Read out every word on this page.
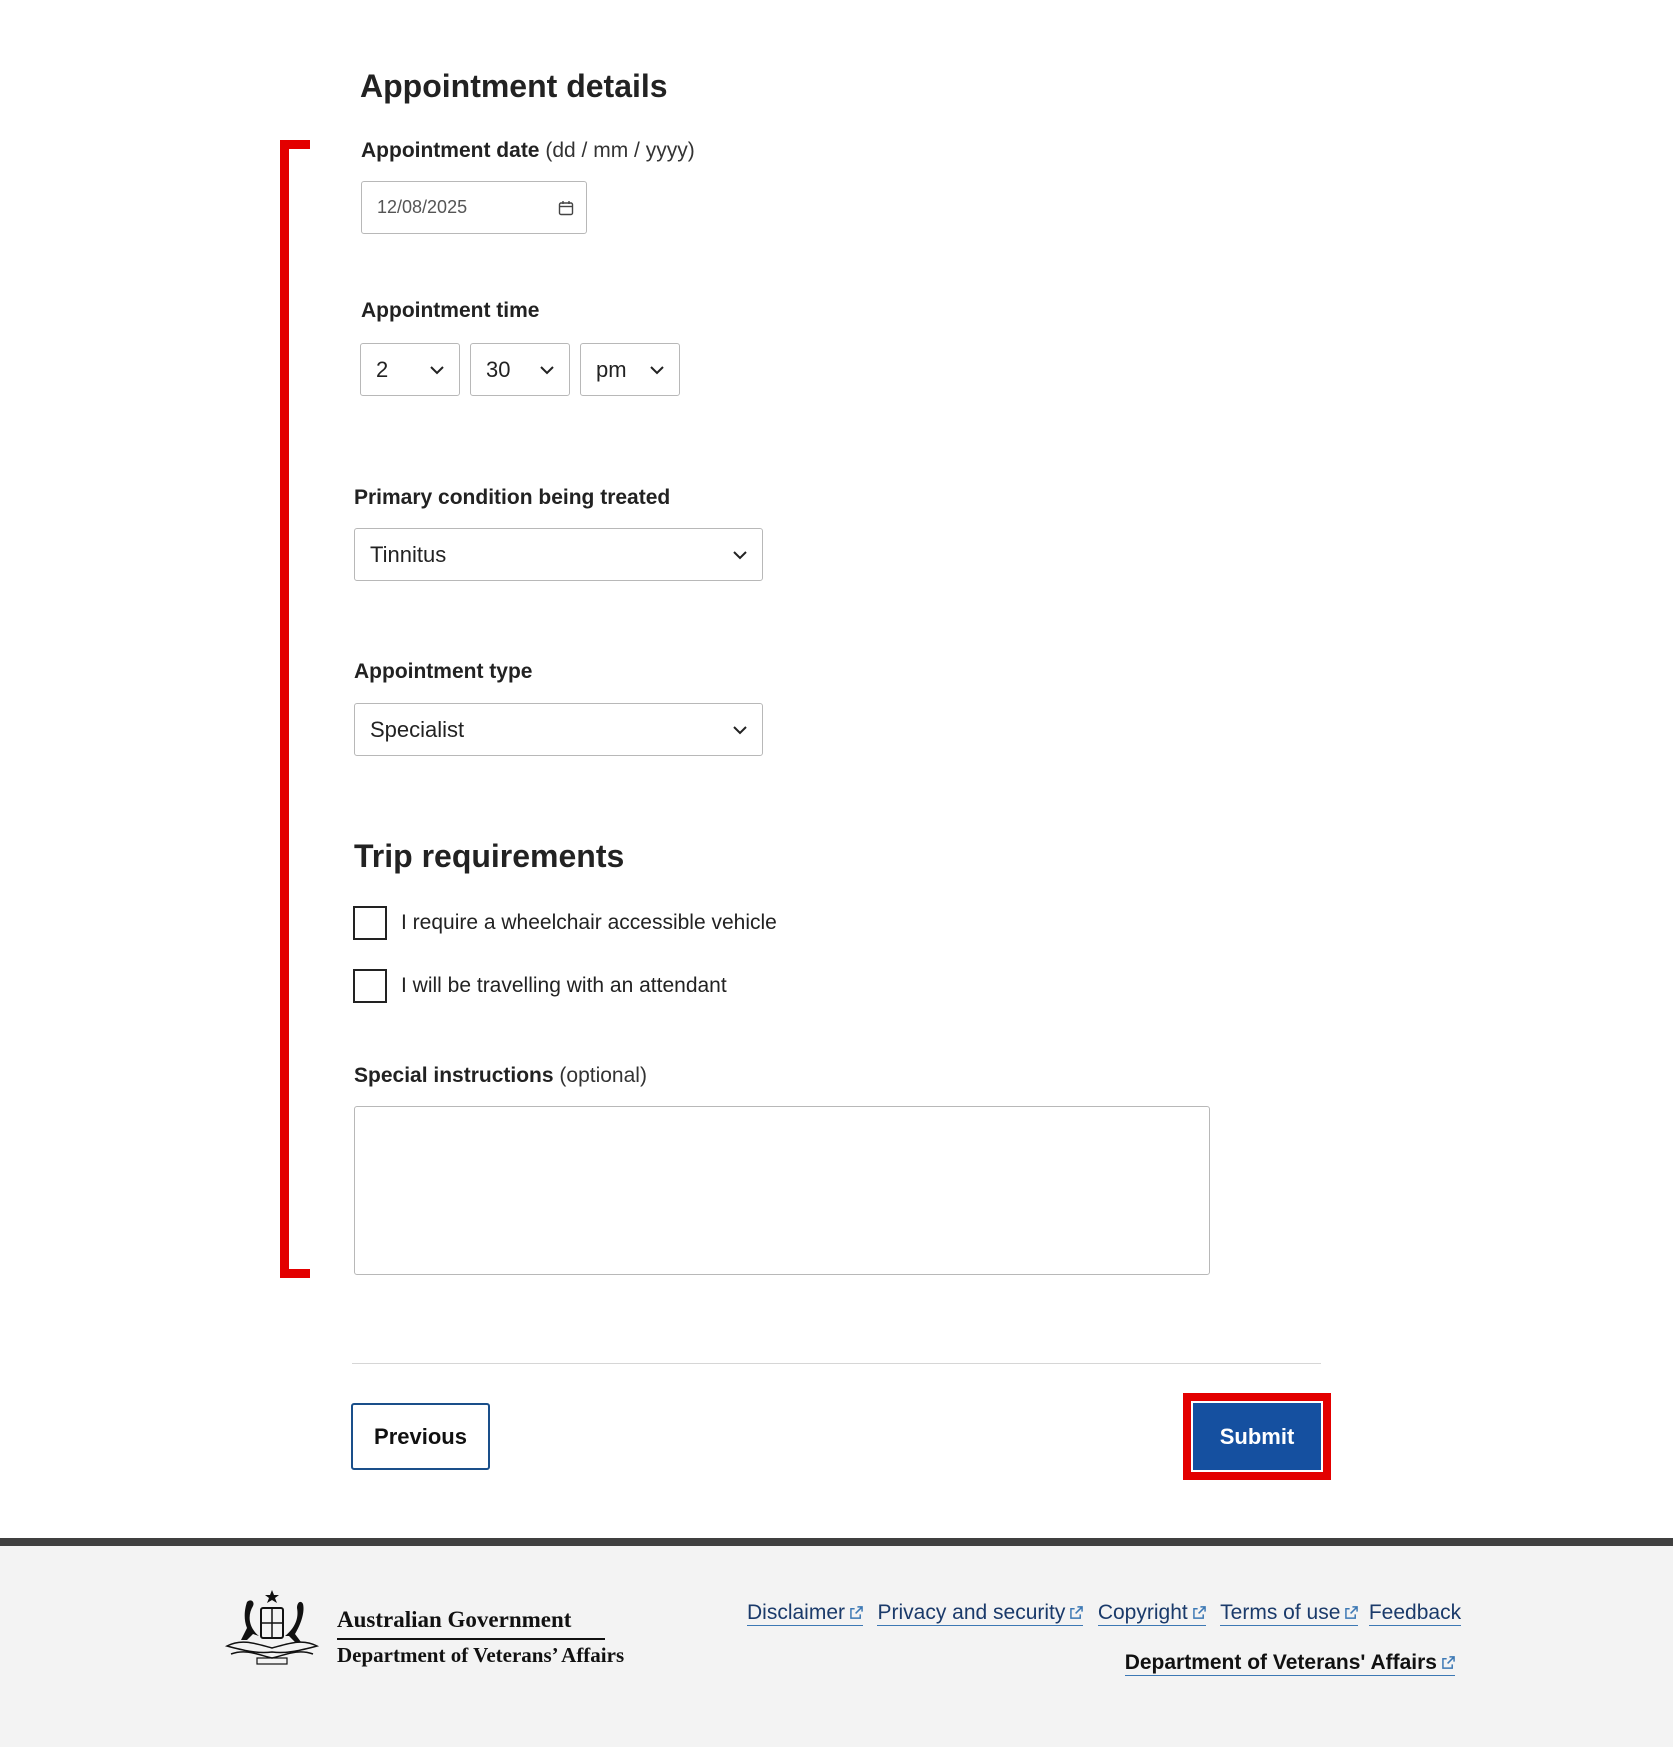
Appointment details
Appointment date (dd / mm / yyyy)
12/08/2025
Appointment time
2	30	pm
Primary condition being treated
Tinnitus
Appointment type
Specialist
Trip requirements
I require a wheelchair accessible vehicle
I will be travelling with an attendant
Special instructions (optional)
Previous	Submit
Australian Government
Department of Veterans’ Affairs
Disclaimer Privacy and security Copyright Terms of use Feedback
Department of Veterans' Affairs
